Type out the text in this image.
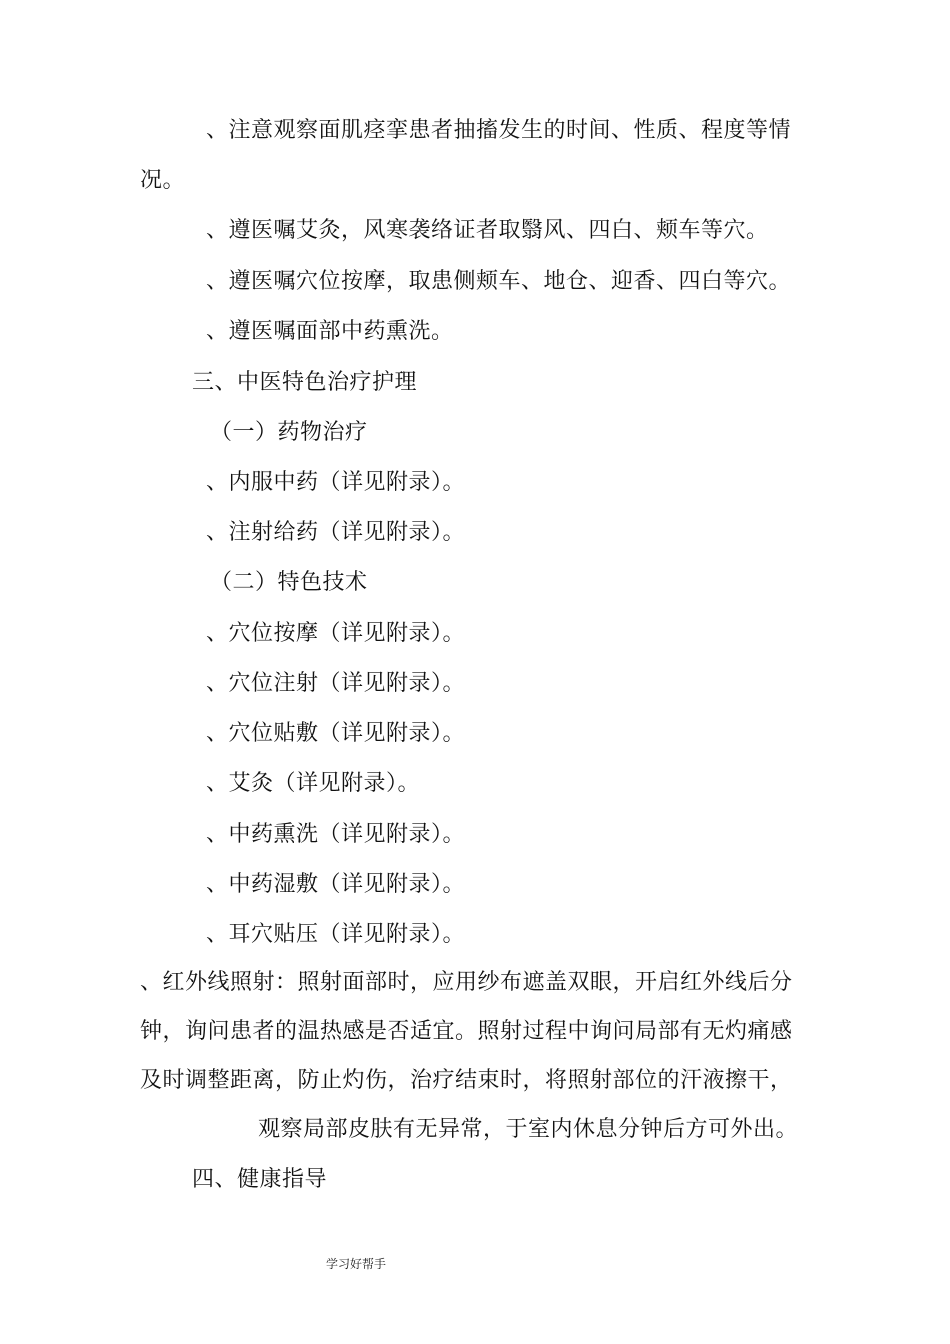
、注意观察面肌痉挛患者抽搐发生的时间、性质、程度等情
况。
、遵医嘱艾灸，风寒袭络证者取翳风、四白、颊车等穴。
、遵医嘱穴位按摩，取患侧颊车、地仓、迎香、四白等穴。
、遵医嘱面部中药熏洗。
三、中医特色治疗护理
（一）药物治疗
、内服中药（详见附录）。
、注射给药（详见附录）。
（二）特色技术
、穴位按摩（详见附录）。
、穴位注射（详见附录）。
、穴位贴敷（详见附录）。
、艾灸（详见附录）。
、中药熏洗（详见附录）。
、中药湿敷（详见附录）。
、耳穴贴压（详见附录）。
、红外线照射：照射面部时，应用纱布遮盖双眼，开启红外线后分
钟，询问患者的温热感是否适宜。照射过程中询问局部有无灼痛感
及时调整距离，防止灼伤，治疗结束时，将照射部位的汗液擦干，
观察局部皮肤有无异常，于室内休息分钟后方可外出。
四、健康指导
学习好帮手
